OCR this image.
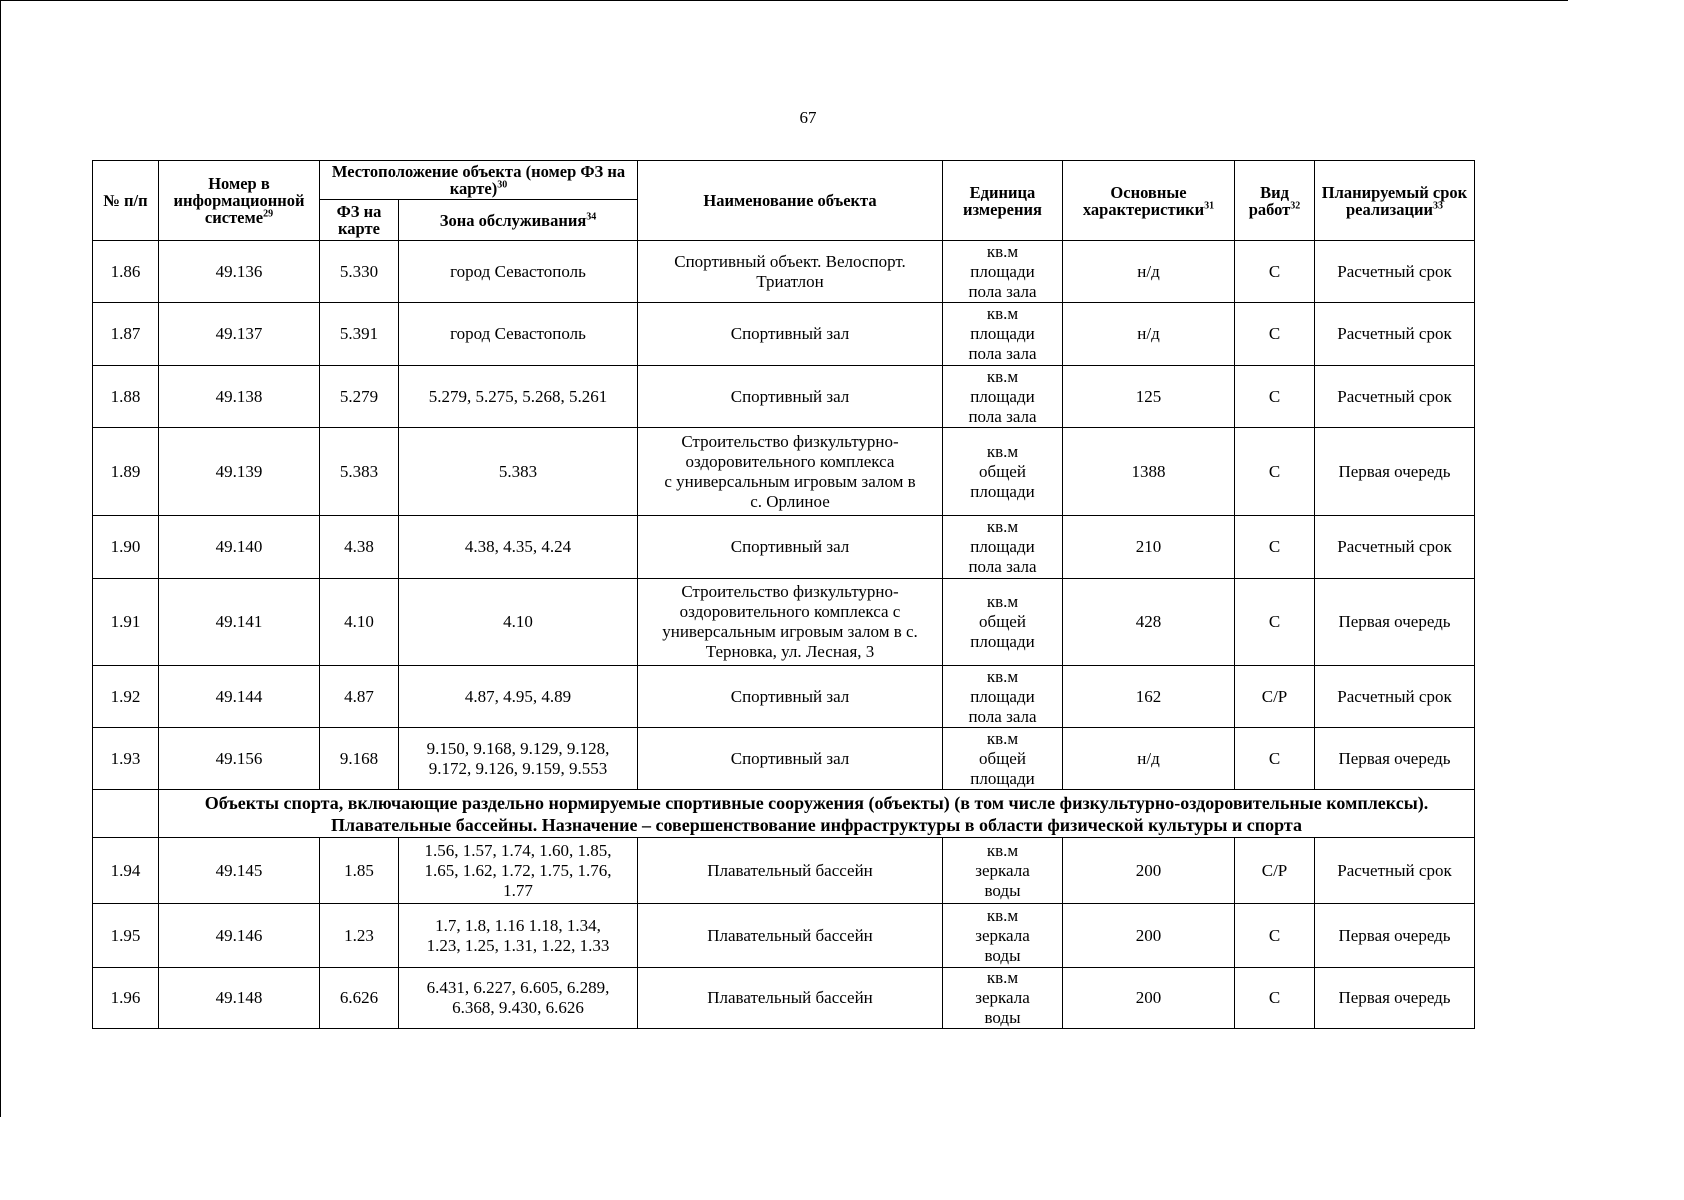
67
№ п/п	Номер в информационной системе$^{29}$	Местоположение объекта (номер ФЗ на карте)$^{30}$		Наименование объекта	Единица измерения	Основные характеристики$^{31}$	Вид работ$^{32}$	Планируемый срок реализации$^{33}$
		ФЗ на карте	Зона обслуживания$^{34}$
1.86	49.136	5.330	город Севастополь	Спортивный объект. Велоспорт.
Триатлон	кв.м
площади
пола зала	н/д	С	Расчетный срок
1.87	49.137	5.391	город Севастополь	Спортивный зал	кв.м
площади
пола зала	н/д	С	Расчетный срок
1.88	49.138	5.279	5.279, 5.275, 5.268, 5.261	Спортивный зал	кв.м
площади
пола зала	125	С	Расчетный срок
1.89	49.139	5.383	5.383	Строительство физкультурно-
оздоровительного комплекса
с универсальным игровым залом в
с. Орлиное	кв.м
общей
площади	1388	С	Первая очередь
1.90	49.140	4.38	4.38, 4.35, 4.24	Спортивный зал	кв.м
площади
пола зала	210	С	Расчетный срок
1.91	49.141	4.10	4.10	Строительство физкультурно-
оздоровительного комплекса с
универсальным игровым залом в с.
Терновка, ул. Лесная, 3	кв.м
общей
площади	428	С	Первая очередь
1.92	49.144	4.87	4.87, 4.95, 4.89	Спортивный зал	кв.м
площади
пола зала	162	С/Р	Расчетный срок
1.93	49.156	9.168	9.150, 9.168, 9.129, 9.128,
9.172, 9.126, 9.159, 9.553	Спортивный зал	кв.м
общей
площади	н/д	С	Первая очередь
	Объекты спорта, включающие раздельно нормируемые спортивные сооружения (объекты) (в том числе физкультурно-оздоровительные комплексы). Плавательные бассейны. Назначение – совершенствование инфраструктуры в области физической культуры и спорта							
1.94	49.145	1.85	1.56, 1.57, 1.74, 1.60, 1.85,
1.65, 1.62, 1.72, 1.75, 1.76,
1.77	Плавательный бассейн	кв.м
зеркала
воды	200	С/Р	Расчетный срок
1.95	49.146	1.23	1.7, 1.8, 1.16 1.18, 1.34,
1.23, 1.25, 1.31, 1.22, 1.33	Плавательный бассейн	кв.м
зеркала
воды	200	С	Первая очередь
1.96	49.148	6.626	6.431, 6.227, 6.605, 6.289,
6.368, 9.430, 6.626	Плавательный бассейн	кв.м
зеркала
воды	200	С	Первая очередь
